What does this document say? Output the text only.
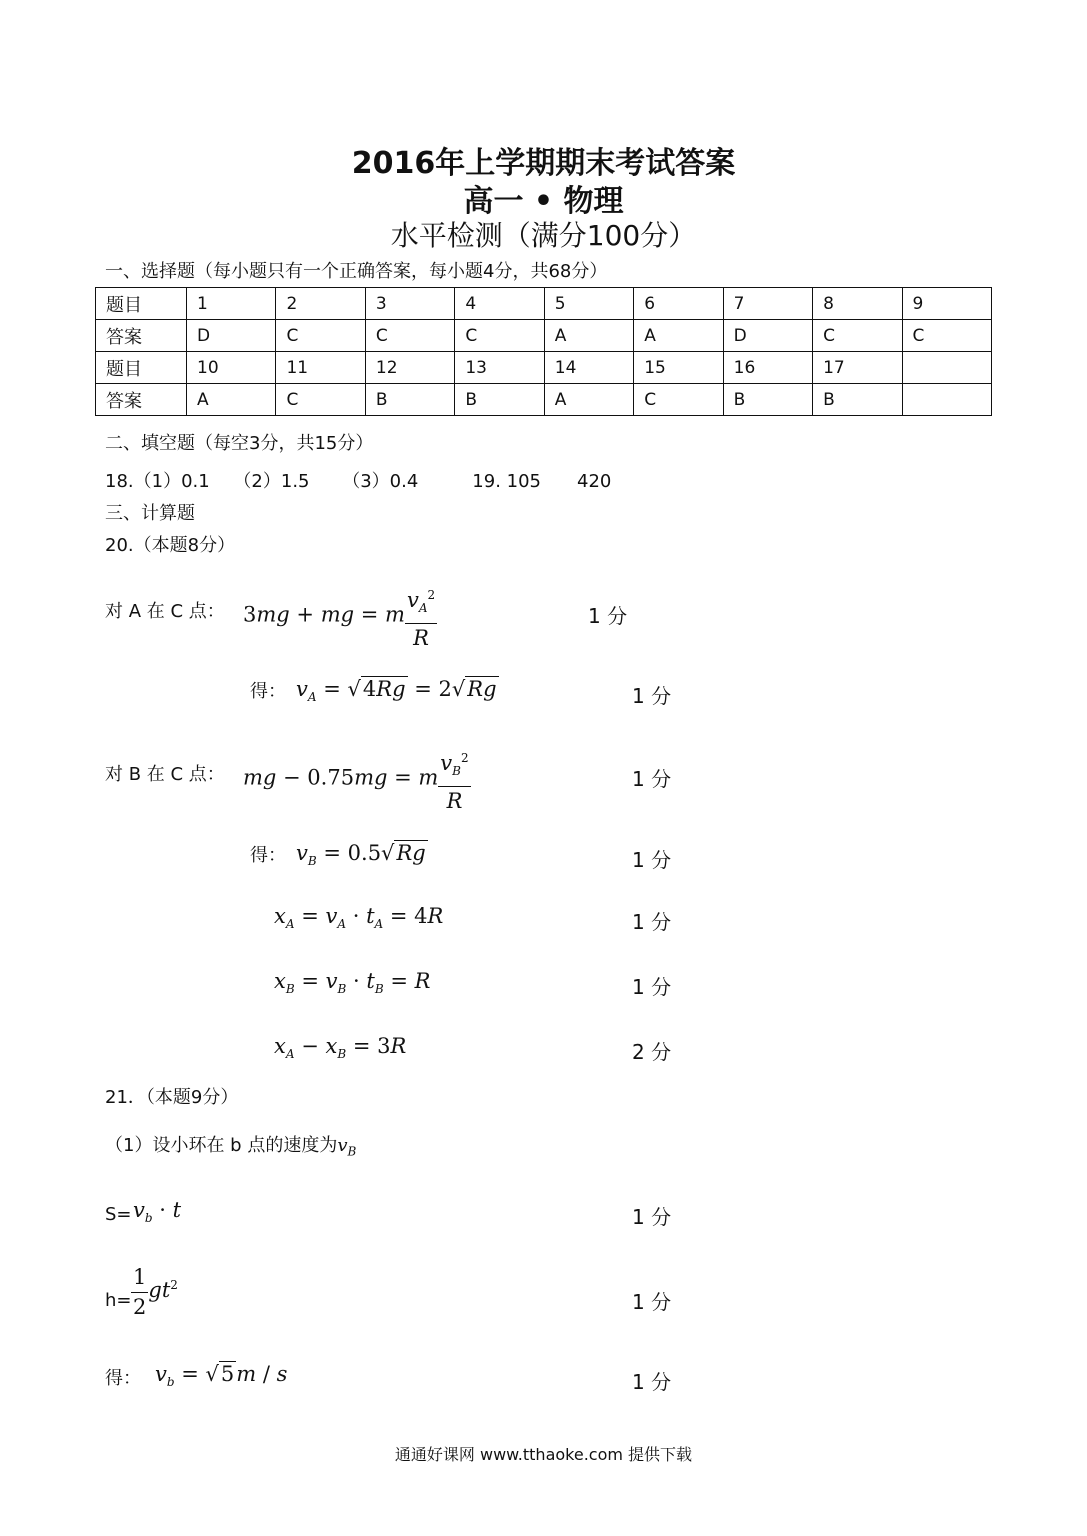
2016年上学期期末考试答案
高一 • 物理
水平检测（满分100分）
一、选择题（每小题只有一个正确答案，每小题4分，共68分）
题目	1	2	3	4	5	6	7	8	9
答案	D	C	C	C	A	A	D	C	C
题目	10	11	12	13	14	15	16	17	
答案	A	C	B	B	A	C	B	B	
二、填空题（每空3分，共15分）
18.（1）0.1　 （2）1.5　 　（3）0.4　　　19. 105　　420
三、计算题
20.（本题8分）
对 A 在 C 点： 3mg + mg = m $\frac{v_A^2}{R}$	1 分
得： $v_A = √4Rg = 2√Rg$	1 分
对 B 在 C 点： mg − 0.75mg = m $\frac{v_B^2}{R}$	1 分
得： $v_B = 0.5√Rg$	1 分
$x_A = v_A \cdot t_A = 4R$	1 分
$x_B = v_B \cdot t_B = R$	1 分
$x_A - x_B = 3R$	2 分
21．（本题9分）
（1）设小环在 b 点的速度为$v_B$
$S= v_b \cdot t$	1 分
$h= \frac{1}{2} gt^2$
1 分
得： $v_b = √5m / s$	1 分
通通好课网 www.tthaoke.com 提供下载
